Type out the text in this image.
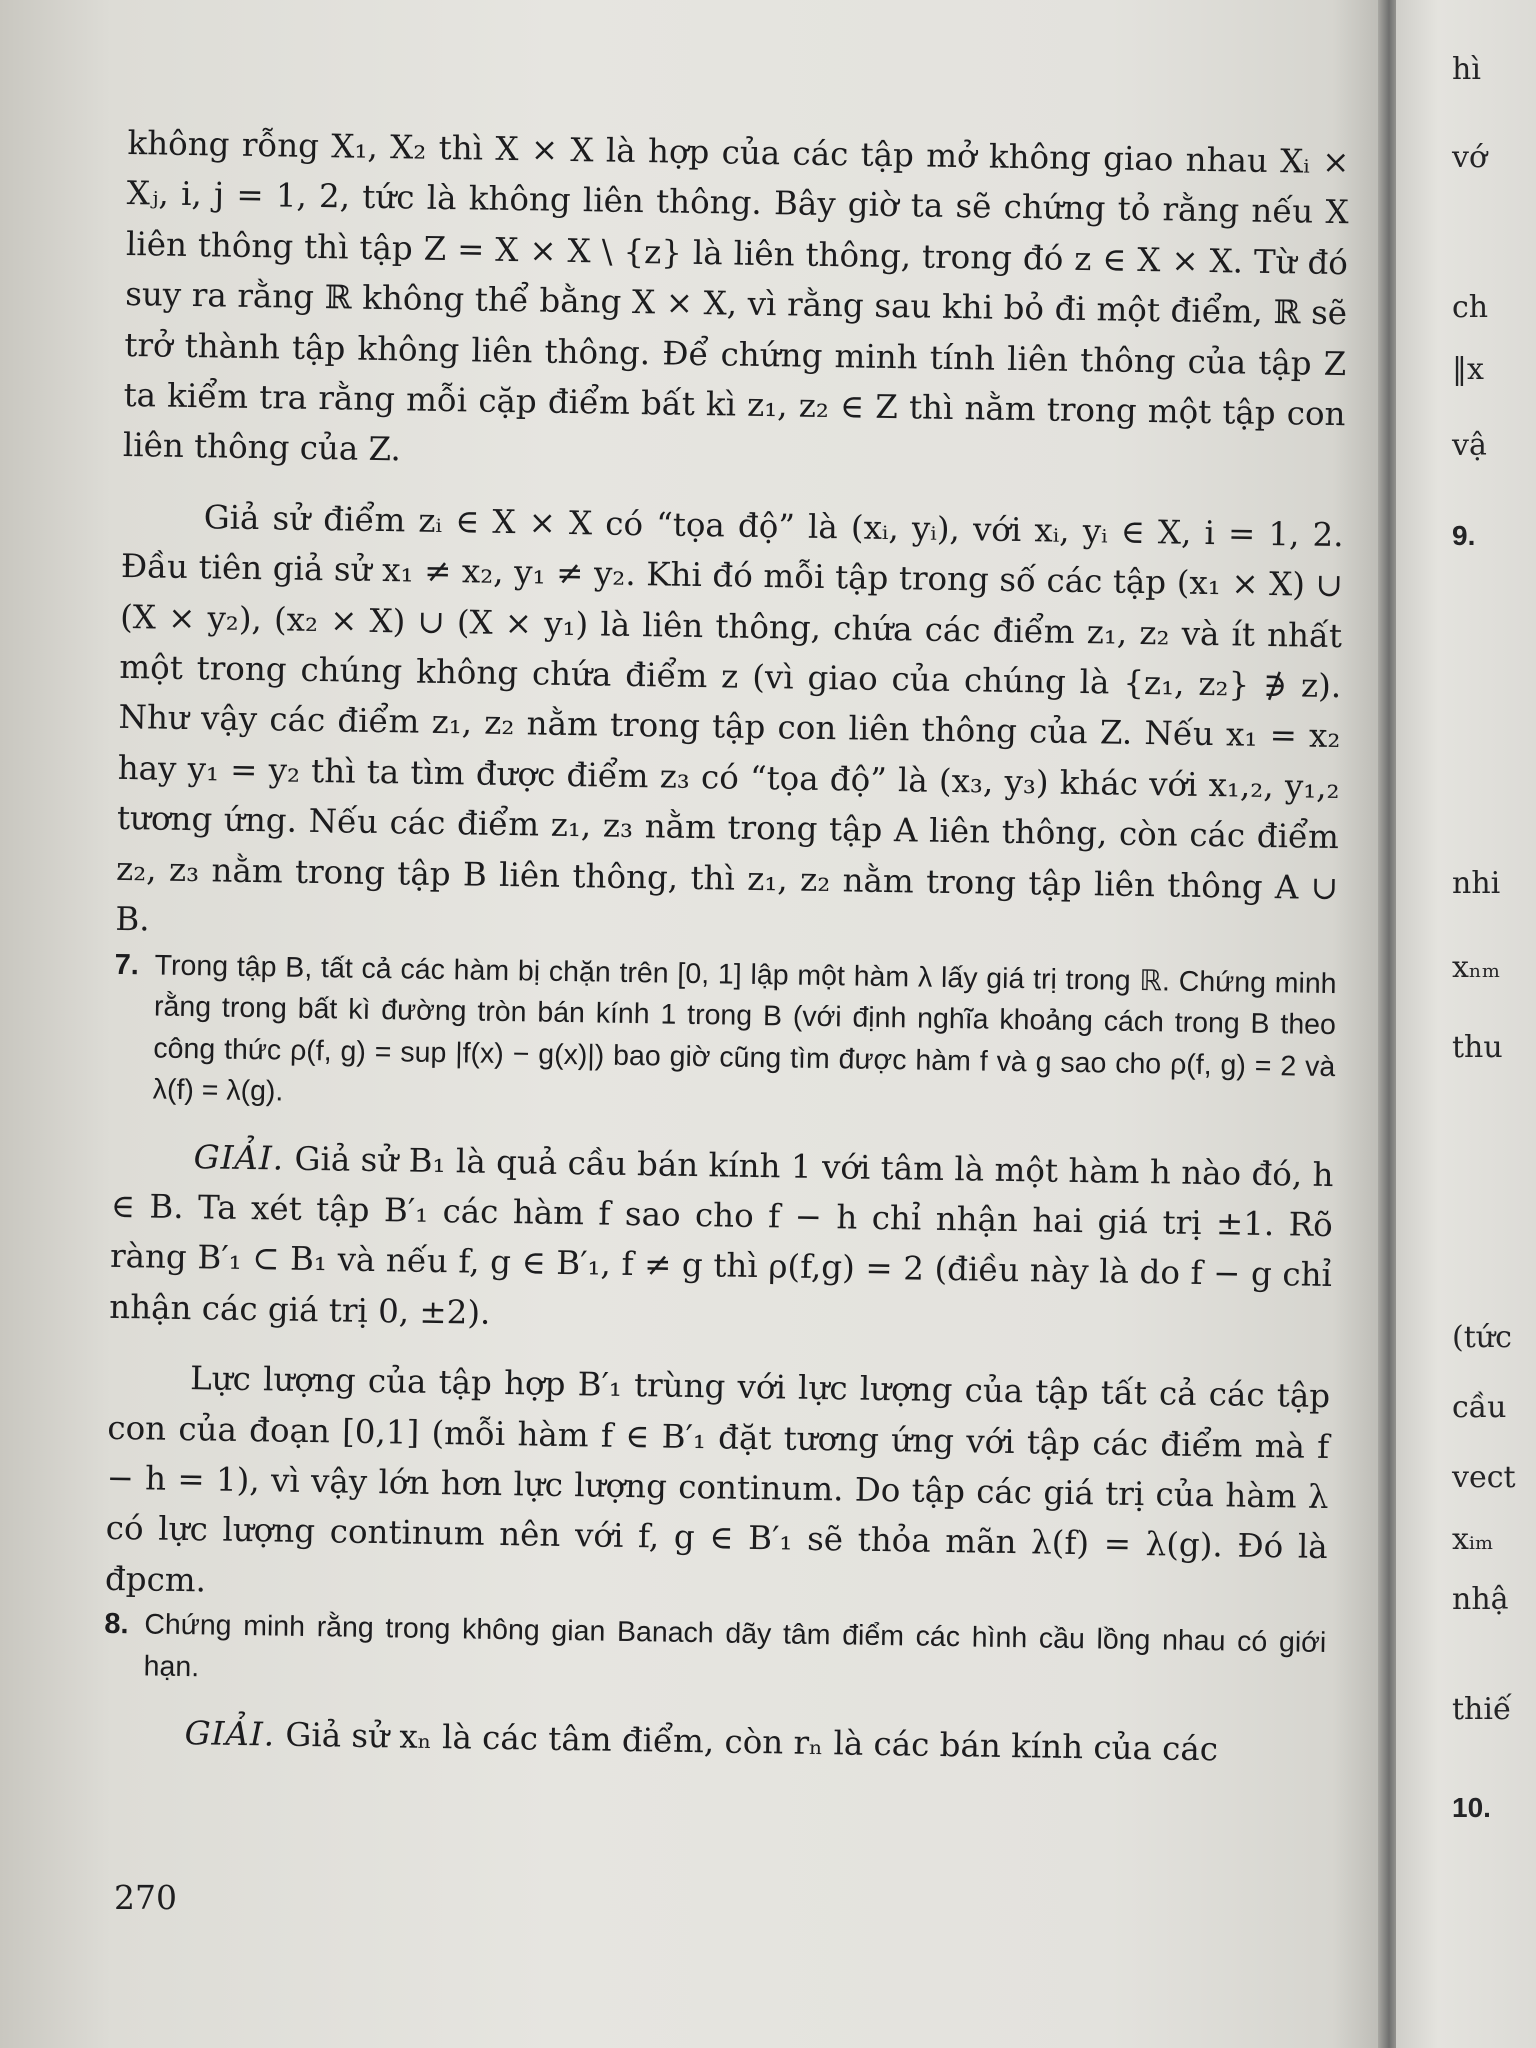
không rỗng X₁, X₂ thì X × X là hợp của các tập mở không giao nhau Xᵢ × Xⱼ, i, j = 1, 2, tức là không liên thông. Bây giờ ta sẽ chứng tỏ rằng nếu X liên thông thì tập Z = X × X \ {z} là liên thông, trong đó z ∈ X × X. Từ đó suy ra rằng ℝ không thể bằng X × X, vì rằng sau khi bỏ đi một điểm, ℝ sẽ trở thành tập không liên thông. Để chứng minh tính liên thông của tập Z ta kiểm tra rằng mỗi cặp điểm bất kì z₁, z₂ ∈ Z thì nằm trong một tập con liên thông của Z.

Giả sử điểm zᵢ ∈ X × X có “tọa độ” là (xᵢ, yᵢ), với xᵢ, yᵢ ∈ X, i = 1, 2. Đầu tiên giả sử x₁ ≠ x₂, y₁ ≠ y₂. Khi đó mỗi tập trong số các tập (x₁ × X) ∪ (X × y₂), (x₂ × X) ∪ (X × y₁) là liên thông, chứa các điểm z₁, z₂ và ít nhất một trong chúng không chứa điểm z (vì giao của chúng là {z₁, z₂} ∌ z). Như vậy các điểm z₁, z₂ nằm trong tập con liên thông của Z. Nếu x₁ = x₂ hay y₁ = y₂ thì ta tìm được điểm z₃ có “tọa độ” là (x₃, y₃) khác với x₁,₂, y₁,₂ tương ứng. Nếu các điểm z₁, z₃ nằm trong tập A liên thông, còn các điểm z₂, z₃ nằm trong tập B liên thông, thì z₁, z₂ nằm trong tập liên thông A ∪ B.

7. Trong tập B, tất cả các hàm bị chặn trên [0, 1] lập một hàm λ lấy giá trị trong ℝ. Chứng minh rằng trong bất kì đường tròn bán kính 1 trong B (với định nghĩa khoảng cách trong B theo công thức ρ(f, g) = sup |f(x) − g(x)|) bao giờ cũng tìm được hàm f và g sao cho ρ(f, g) = 2 và λ(f) = λ(g).

GIẢI. Giả sử B₁ là quả cầu bán kính 1 với tâm là một hàm h nào đó, h ∈ B. Ta xét tập B′₁ các hàm f sao cho f − h chỉ nhận hai giá trị ±1. Rõ ràng B′₁ ⊂ B₁ và nếu f, g ∈ B′₁, f ≠ g thì ρ(f,g) = 2 (điều này là do f − g chỉ nhận các giá trị 0, ±2).

Lực lượng của tập hợp B′₁ trùng với lực lượng của tập tất cả các tập con của đoạn [0,1] (mỗi hàm f ∈ B′₁ đặt tương ứng với tập các điểm mà f − h = 1), vì vậy lớn hơn lực lượng continum. Do tập các giá trị của hàm λ có lực lượng continum nên với f, g ∈ B′₁ sẽ thỏa mãn λ(f) = λ(g). Đó là đpcm.

8. Chứng minh rằng trong không gian Banach dãy tâm điểm các hình cầu lồng nhau có giới hạn.

GIẢI. Giả sử xₙ là các tâm điểm, còn rₙ là các bán kính của các

270
hì
vớ
ch
‖x
vậ
9.
nhi
xₙₘ
thu
(tức
cầu
vect
xᵢₘ
nhậ
thiế
10.
